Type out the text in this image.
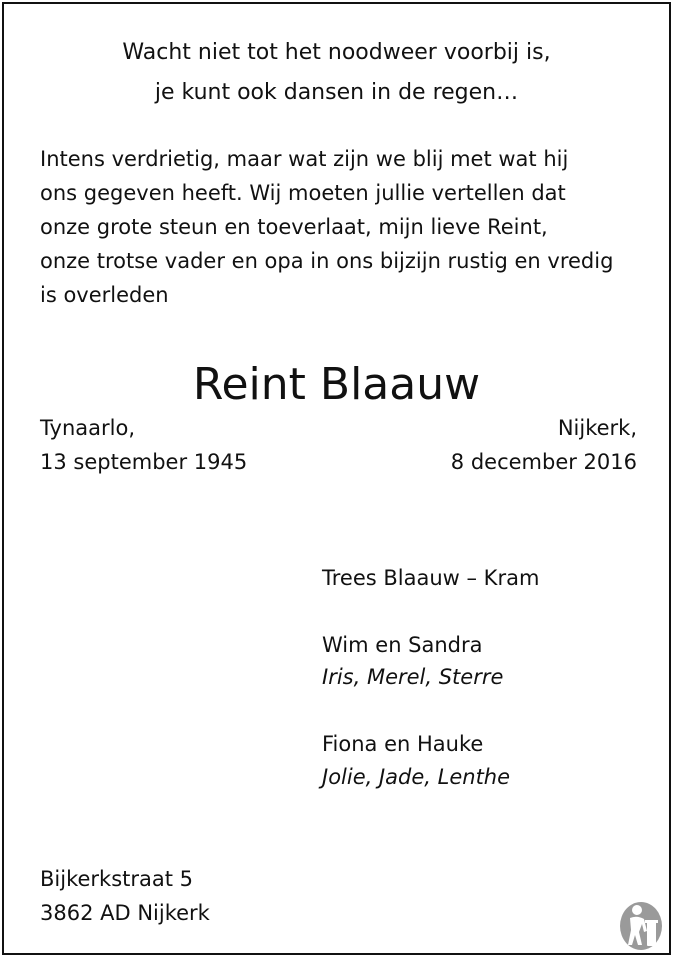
Wacht niet tot het noodweer voorbij is,

je kunt ook dansen in de regen…

Intens verdrietig, maar wat zijn we blij met wat hij

ons gegeven heeft. Wij moeten jullie vertellen dat

onze grote steun en toeverlaat, mijn lieve Reint,

onze trotse vader en opa in ons bijzijn rustig en vredig

is overleden

Reint Blaauw

Tynaarlo,

13 september 1945

Nijkerk,

8 december 2016

Trees Blaauw – Kram

Wim en Sandra

Iris, Merel, Sterre

Fiona en Hauke

Jolie, Jade, Lenthe

Bijkerkstraat 5

3862 AD Nijkerk
